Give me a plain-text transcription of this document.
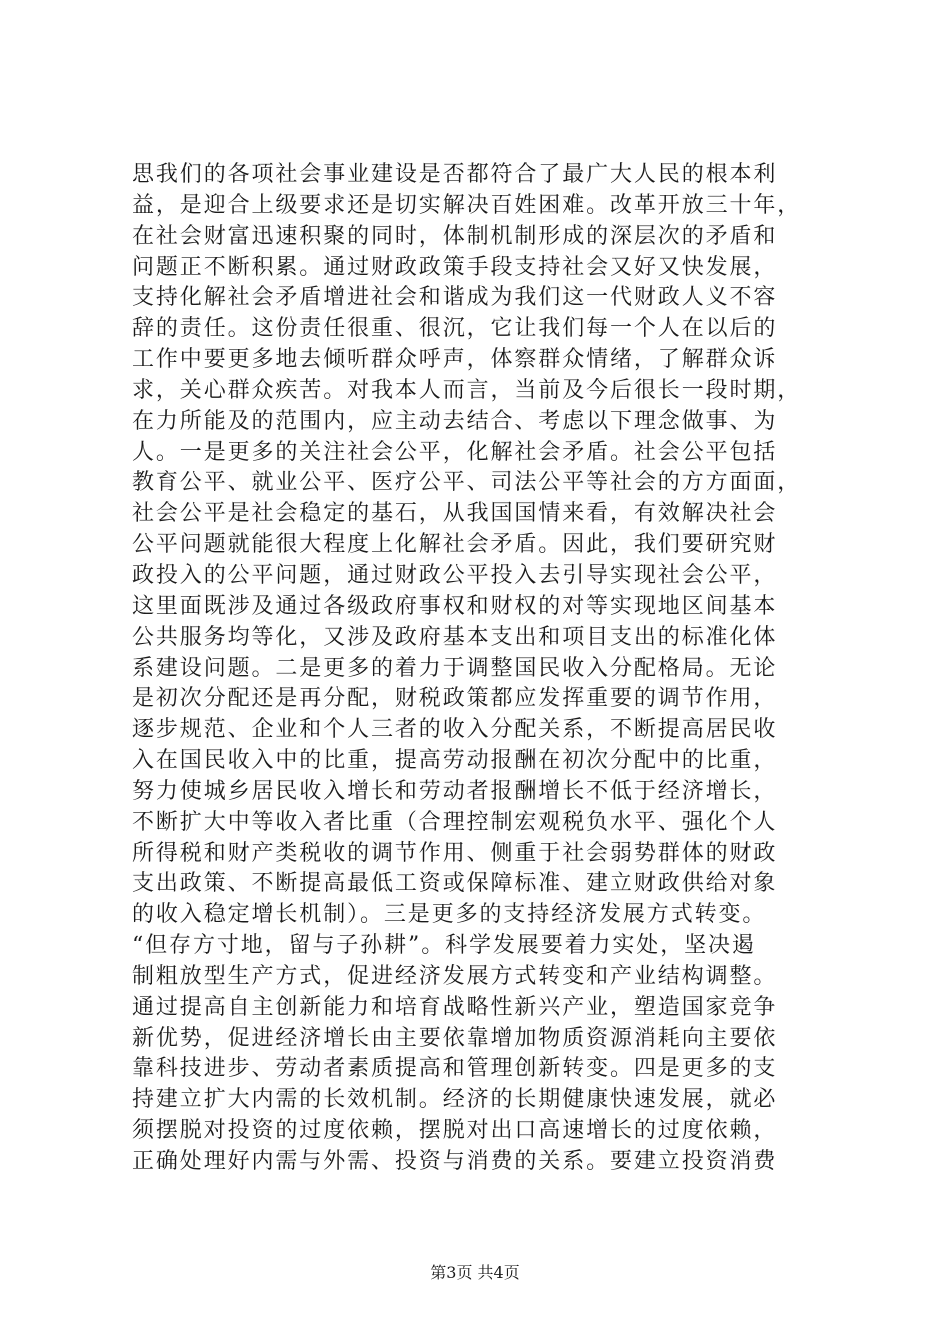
思我们的各项社会事业建设是否都符合了最广大人民的根本利
益，是迎合上级要求还是切实解决百姓困难。改革开放三十年，
在社会财富迅速积聚的同时，体制机制形成的深层次的矛盾和
问题正不断积累。通过财政政策手段支持社会又好又快发展，
支持化解社会矛盾增进社会和谐成为我们这一代财政人义不容
辞的责任。这份责任很重、很沉，它让我们每一个人在以后的
工作中要更多地去倾听群众呼声，体察群众情绪，了解群众诉
求，关心群众疾苦。对我本人而言，当前及今后很长一段时期，
在力所能及的范围内，应主动去结合、考虑以下理念做事、为
人。一是更多的关注社会公平，化解社会矛盾。社会公平包括
教育公平、就业公平、医疗公平、司法公平等社会的方方面面，
社会公平是社会稳定的基石，从我国国情来看，有效解决社会
公平问题就能很大程度上化解社会矛盾。因此，我们要研究财
政投入的公平问题，通过财政公平投入去引导实现社会公平，
这里面既涉及通过各级政府事权和财权的对等实现地区间基本
公共服务均等化，又涉及政府基本支出和项目支出的标准化体
系建设问题。二是更多的着力于调整国民收入分配格局。无论
是初次分配还是再分配，财税政策都应发挥重要的调节作用，
逐步规范、企业和个人三者的收入分配关系，不断提高居民收
入在国民收入中的比重，提高劳动报酬在初次分配中的比重，
努力使城乡居民收入增长和劳动者报酬增长不低于经济增长，
不断扩大中等收入者比重（合理控制宏观税负水平、强化个人
所得税和财产类税收的调节作用、侧重于社会弱势群体的财政
支出政策、不断提高最低工资或保障标准、建立财政供给对象
的收入稳定增长机制）。三是更多的支持经济发展方式转变。
“但存方寸地，留与子孙耕”。科学发展要着力实处，坚决遏
制粗放型生产方式，促进经济发展方式转变和产业结构调整。
通过提高自主创新能力和培育战略性新兴产业，塑造国家竞争
新优势，促进经济增长由主要依靠增加物质资源消耗向主要依
靠科技进步、劳动者素质提高和管理创新转变。四是更多的支
持建立扩大内需的长效机制。经济的长期健康快速发展，就必
须摆脱对投资的过度依赖，摆脱对出口高速增长的过度依赖，
正确处理好内需与外需、投资与消费的关系。要建立投资消费
第3页 共4页
